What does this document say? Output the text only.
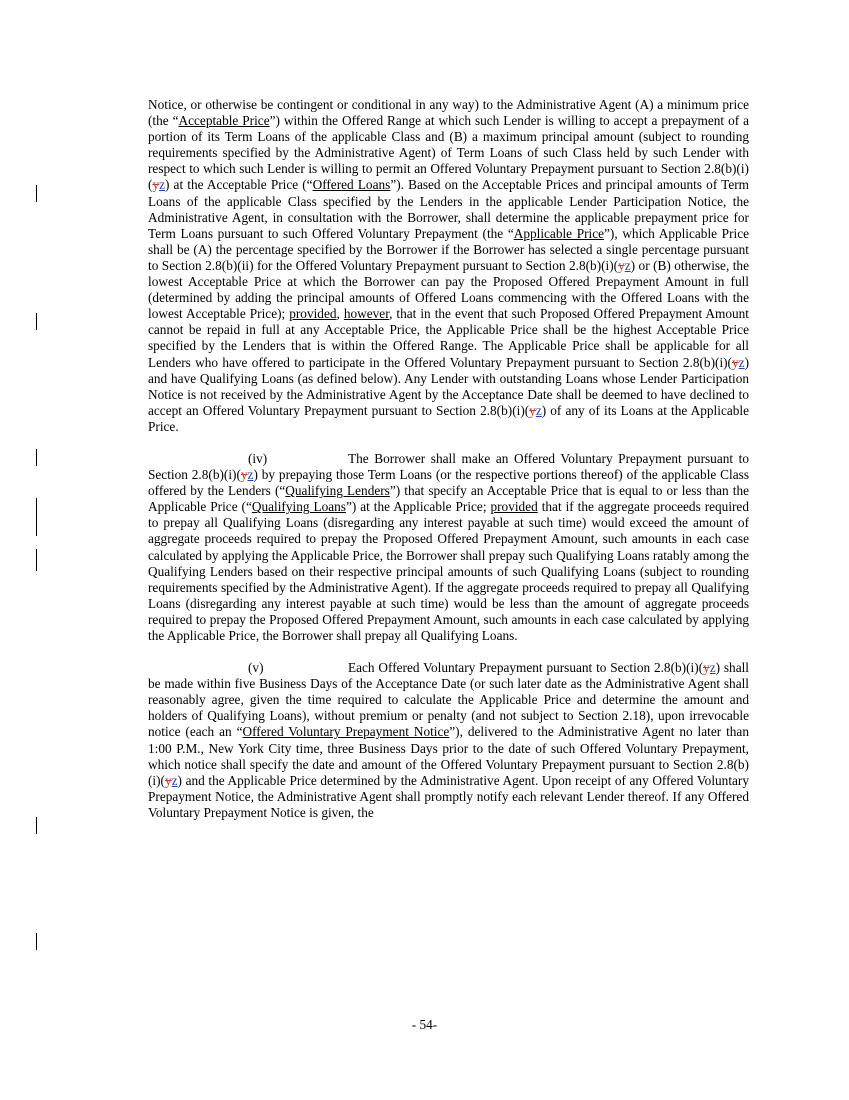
Notice, or otherwise be contingent or conditional in any way) to the Administrative Agent (A) a minimum price (the “Acceptable Price”) within the Offered Range at which such Lender is willing to accept a prepayment of a portion of its Term Loans of the applicable Class and (B) a maximum principal amount (subject to rounding requirements specified by the Administrative Agent) of Term Loans of such Class held by such Lender with respect to which such Lender is willing to permit an Offered Voluntary Prepayment pursuant to Section 2.8(b)(i)(yz) at the Acceptable Price (“Offered Loans”). Based on the Acceptable Prices and principal amounts of Term Loans of the applicable Class specified by the Lenders in the applicable Lender Participation Notice, the Administrative Agent, in consultation with the Borrower, shall determine the applicable prepayment price for Term Loans pursuant to such Offered Voluntary Prepayment (the “Applicable Price”), which Applicable Price shall be (A) the percentage specified by the Borrower if the Borrower has selected a single percentage pursuant to Section 2.8(b)(ii) for the Offered Voluntary Prepayment pursuant to Section 2.8(b)(i)(yz) or (B) otherwise, the lowest Acceptable Price at which the Borrower can pay the Proposed Offered Prepayment Amount in full (determined by adding the principal amounts of Offered Loans commencing with the Offered Loans with the lowest Acceptable Price); provided, however, that in the event that such Proposed Offered Prepayment Amount cannot be repaid in full at any Acceptable Price, the Applicable Price shall be the highest Acceptable Price specified by the Lenders that is within the Offered Range. The Applicable Price shall be applicable for all Lenders who have offered to participate in the Offered Voluntary Prepayment pursuant to Section 2.8(b)(i)(yz) and have Qualifying Loans (as defined below). Any Lender with outstanding Loans whose Lender Participation Notice is not received by the Administrative Agent by the Acceptance Date shall be deemed to have declined to accept an Offered Voluntary Prepayment pursuant to Section 2.8(b)(i)(yz) of any of its Loans at the Applicable Price.

(iv)	The Borrower shall make an Offered Voluntary Prepayment pursuant to Section 2.8(b)(i)(yz) by prepaying those Term Loans (or the respective portions thereof) of the applicable Class offered by the Lenders (“Qualifying Lenders”) that specify an Acceptable Price that is equal to or less than the Applicable Price (“Qualifying Loans”) at the Applicable Price; provided that if the aggregate proceeds required to prepay all Qualifying Loans (disregarding any interest payable at such time) would exceed the amount of aggregate proceeds required to prepay the Proposed Offered Prepayment Amount, such amounts in each case calculated by applying the Applicable Price, the Borrower shall prepay such Qualifying Loans ratably among the Qualifying Lenders based on their respective principal amounts of such Qualifying Loans (subject to rounding requirements specified by the Administrative Agent). If the aggregate proceeds required to prepay all Qualifying Loans (disregarding any interest payable at such time) would be less than the amount of aggregate proceeds required to prepay the Proposed Offered Prepayment Amount, such amounts in each case calculated by applying the Applicable Price, the Borrower shall prepay all Qualifying Loans.

(v)	Each Offered Voluntary Prepayment pursuant to Section 2.8(b)(i)(yz) shall be made within five Business Days of the Acceptance Date (or such later date as the Administrative Agent shall reasonably agree, given the time required to calculate the Applicable Price and determine the amount and holders of Qualifying Loans), without premium or penalty (and not subject to Section 2.18), upon irrevocable notice (each an “Offered Voluntary Prepayment Notice”), delivered to the Administrative Agent no later than 1:00 P.M., New York City time, three Business Days prior to the date of such Offered Voluntary Prepayment, which notice shall specify the date and amount of the Offered Voluntary Prepayment pursuant to Section 2.8(b)(i)(yz) and the Applicable Price determined by the Administrative Agent. Upon receipt of any Offered Voluntary Prepayment Notice, the Administrative Agent shall promptly notify each relevant Lender thereof. If any Offered Voluntary Prepayment Notice is given, the

- 54-
